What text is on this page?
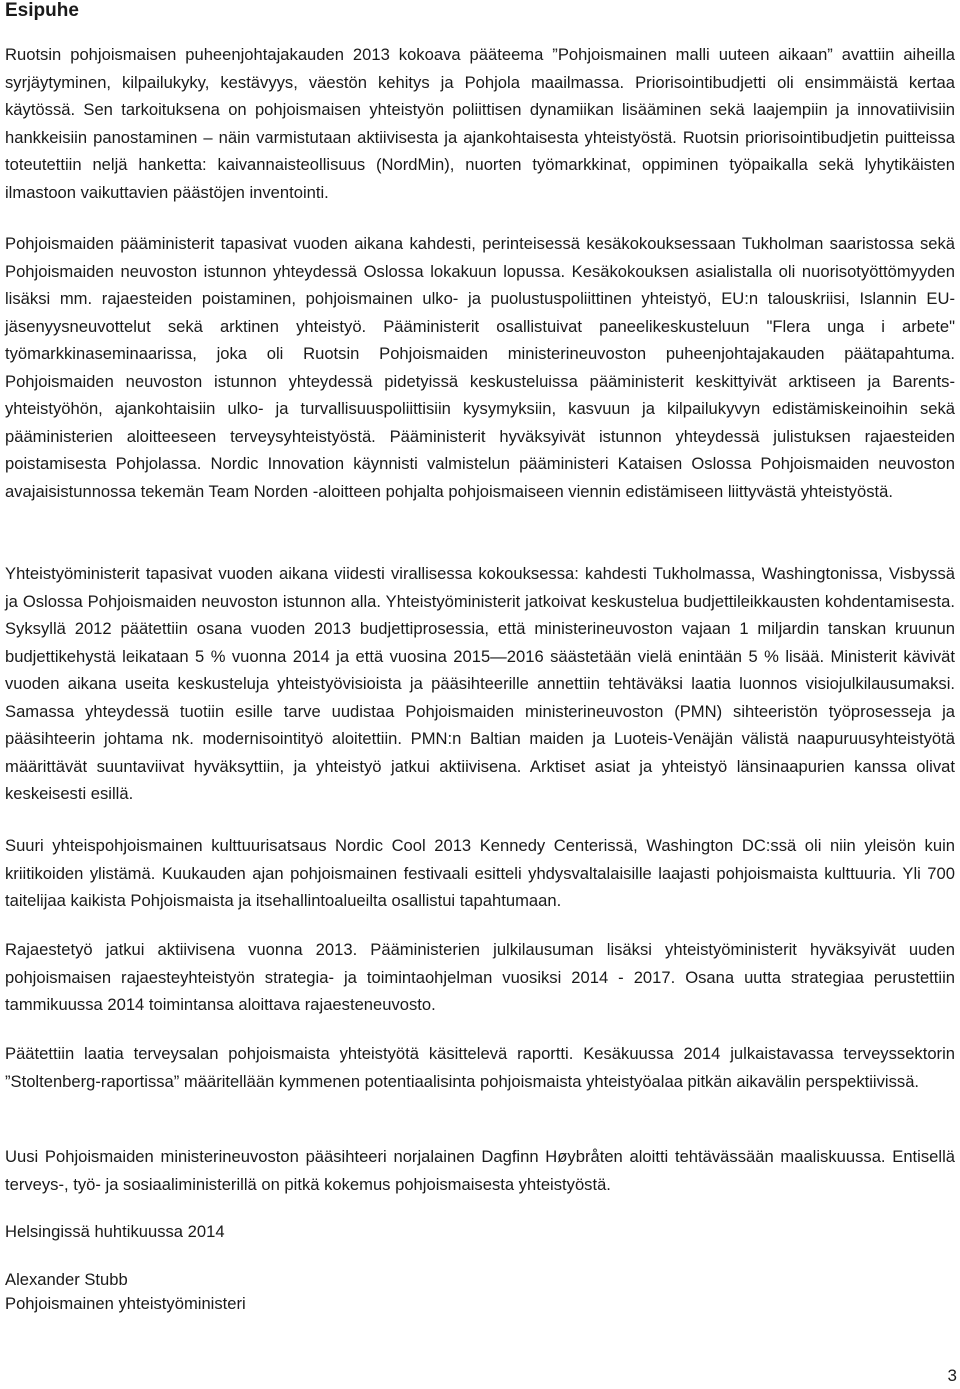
Esipuhe

Ruotsin pohjoismaisen puheenjohtajakauden 2013 kokoava pääteema ”Pohjoismainen malli uuteen aikaan” avattiin aiheilla syrjäytyminen, kilpailukyky, kestävyys, väestön kehitys ja Pohjola maailmassa. Priorisointibudjetti oli ensimmäistä kertaa käytössä. Sen tarkoituksena on pohjoismaisen yhteistyön poliittisen dynamiikan lisääminen sekä laajempiin ja innovatiivisiin hankkeisiin panostaminen – näin varmistutaan aktiivisesta ja ajankohtaisesta yhteistyöstä. Ruotsin priorisointibudjetin puitteissa toteutettiin neljä hanketta: kaivannaisteollisuus (NordMin), nuorten työmarkkinat, oppiminen työpaikalla sekä lyhytikäisten ilmastoon vaikuttavien päästöjen inventointi.

Pohjoismaiden pääministerit tapasivat vuoden aikana kahdesti, perinteisessä kesäkokouksessaan Tukholman saaristossa sekä Pohjoismaiden neuvoston istunnon yhteydessä Oslossa lokakuun lopussa. Kesäkokouksen asialistalla oli nuorisotyöttömyyden lisäksi mm. rajaesteiden poistaminen, pohjoismainen ulko- ja puolustuspoliittinen yhteistyö, EU:n talouskriisi, Islannin EU-jäsenyysneuvottelut sekä arktinen yhteistyö. Pääministerit osallistuivat paneelikeskusteluun "Flera unga i arbete" työmarkkinaseminaarissa, joka oli Ruotsin Pohjoismaiden ministerineuvoston puheenjohtajakauden päätapahtuma. Pohjoismaiden neuvoston istunnon yhteydessä pidetyissä keskusteluissa pääministerit keskittyivät arktiseen ja Barents-yhteistyöhön, ajankohtaisiin ulko- ja turvallisuuspoliittisiin kysymyksiin, kasvuun ja kilpailukyvyn edistämiskeinoihin sekä pääministerien aloitteeseen terveysyhteistyöstä. Pääministerit hyväksyivät istunnon yhteydessä julistuksen rajaesteiden poistamisesta Pohjolassa. Nordic Innovation käynnisti valmistelun pääministeri Kataisen Oslossa Pohjoismaiden neuvoston avajaisistunnossa tekemän Team Norden -aloitteen pohjalta pohjoismaiseen viennin edistämiseen liittyvästä yhteistyöstä.

Yhteistyöministerit tapasivat vuoden aikana viidesti virallisessa kokouksessa: kahdesti Tukholmassa, Washingtonissa, Visbyssä ja Oslossa Pohjoismaiden neuvoston istunnon alla. Yhteistyöministerit jatkoivat keskustelua budjettileikkausten kohdentamisesta. Syksyllä 2012 päätettiin osana vuoden 2013 budjettiprosessia, että ministerineuvoston vajaan 1 miljardin tanskan kruunun budjettikehystä leikataan 5 % vuonna 2014 ja että vuosina 2015—2016 säästetään vielä enintään 5 % lisää. Ministerit kävivät vuoden aikana useita keskusteluja yhteistyövisioista ja pääsihteerille annettiin tehtäväksi laatia luonnos visiojulkilausumaksi. Samassa yhteydessä tuotiin esille tarve uudistaa Pohjoismaiden ministerineuvoston (PMN) sihteeristön työprosesseja ja pääsihteerin johtama nk. modernisointityö aloitettiin. PMN:n Baltian maiden ja Luoteis-Venäjän välistä naapuruusyhteistyötä määrittävät suuntaviivat hyväksyttiin, ja yhteistyö jatkui aktiivisena. Arktiset asiat ja yhteistyö länsinaapurien kanssa olivat keskeisesti esillä.

Suuri yhteispohjoismainen kulttuurisatsaus Nordic Cool 2013 Kennedy Centerissä, Washington DC:ssä oli niin yleisön kuin kriitikoiden ylistämä. Kuukauden ajan pohjoismainen festivaali esitteli yhdysvaltalaisille laajasti pohjoismaista kulttuuria. Yli 700 taitelijaa kaikista Pohjoismaista ja itsehallintoalueilta osallistui tapahtumaan.

Rajaestetyö jatkui aktiivisena vuonna 2013. Pääministerien julkilausuman lisäksi yhteistyöministerit hyväksyivät uuden pohjoismaisen rajaesteyhteistyön strategia- ja toimintaohjelman vuosiksi 2014 - 2017. Osana uutta strategiaa perustettiin tammikuussa 2014 toimintansa aloittava rajaesteneuvosto.

Päätettiin laatia terveysalan pohjoismaista yhteistyötä käsittelevä raportti. Kesäkuussa 2014 julkaistavassa terveyssektorin ”Stoltenberg-raportissa” määritellään kymmenen potentiaalisinta pohjoismaista yhteistyöalaa pitkän aikavälin perspektiivissä.

Uusi Pohjoismaiden ministerineuvoston pääsihteeri norjalainen Dagfinn Høybråten aloitti tehtävässään maaliskuussa. Entisellä terveys-, työ- ja sosiaaliministerillä on pitkä kokemus pohjoismaisesta yhteistyöstä.

Helsingissä huhtikuussa 2014
Alexander Stubb
Pohjoismainen yhteistyöministeri
3
